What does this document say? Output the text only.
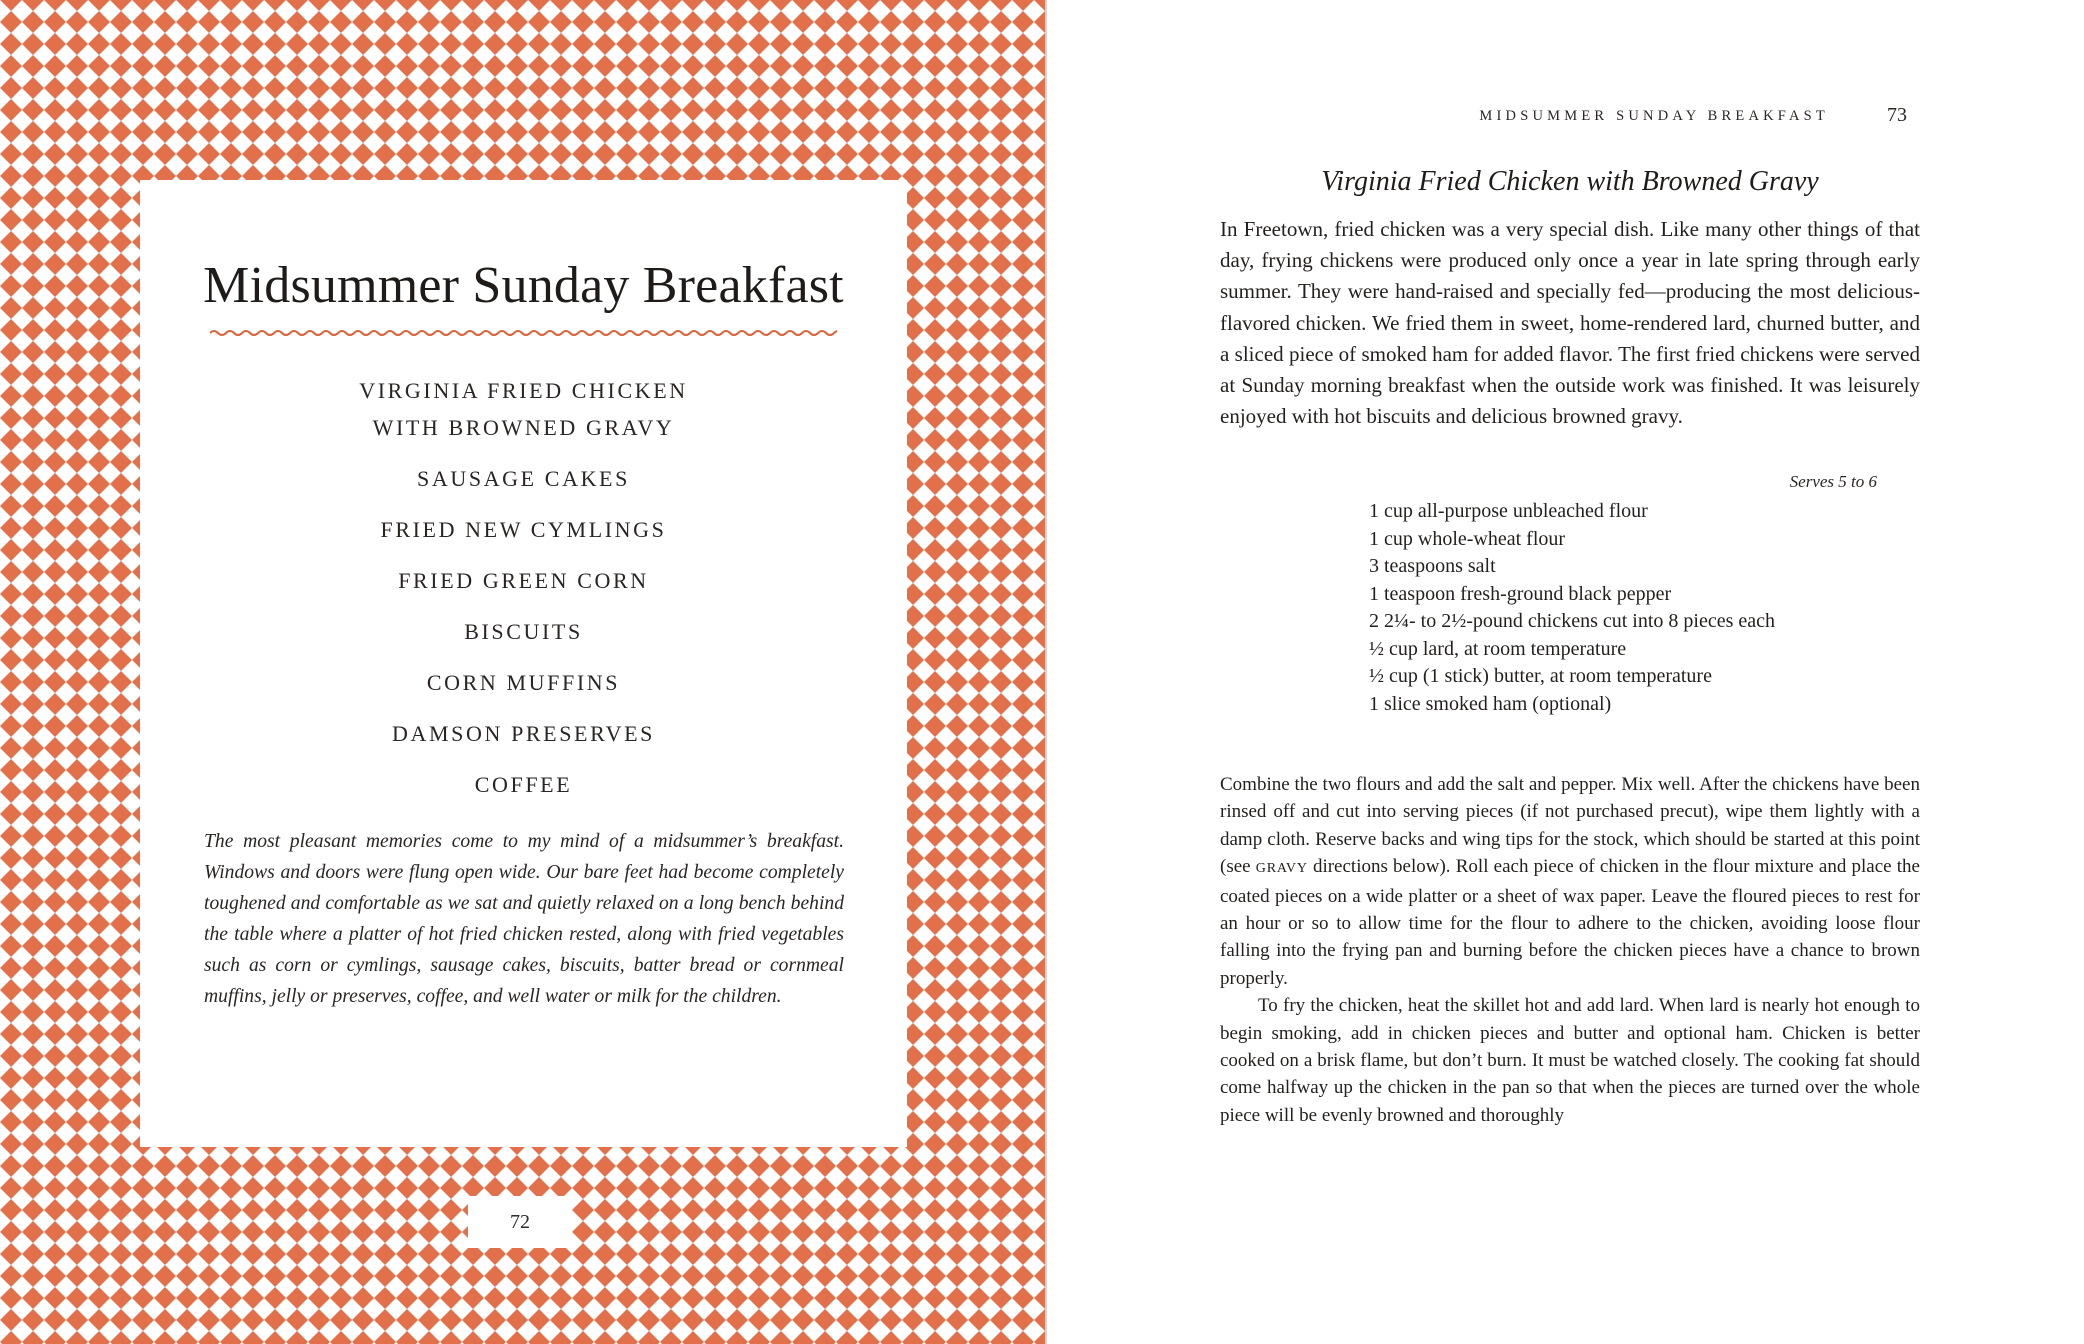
Midsummer Sunday Breakfast
VIRGINIA FRIED CHICKEN
WITH BROWNED GRAVY
SAUSAGE CAKES
FRIED NEW CYMLINGS
FRIED GREEN CORN
BISCUITS
CORN MUFFINS
DAMSON PRESERVES
COFFEE

The most pleasant memories come to my mind of a midsummer’s breakfast. Windows and doors were flung open wide. Our bare feet had become completely toughened and comfortable as we sat and quietly relaxed on a long bench behind the table where a platter of hot fried chicken rested, along with fried vegetables such as corn or cymlings, sausage cakes, biscuits, batter bread or cornmeal muffins, jelly or preserves, coffee, and well water or milk for the children.

72
MIDSUMMER SUNDAY BREAKFAST	73
Virginia Fried Chicken with Browned Gravy

In Freetown, fried chicken was a very special dish. Like many other things of that day, frying chickens were produced only once a year in late spring through early summer. They were hand-raised and specially fed—producing the most delicious-flavored chicken. We fried them in sweet, home-rendered lard, churned butter, and a sliced piece of smoked ham for added flavor. The first fried chickens were served at Sunday morning breakfast when the outside work was finished. It was leisurely enjoyed with hot biscuits and delicious browned gravy.

Serves 5 to 6
1 cup all-purpose unbleached flour
1 cup whole-wheat flour
3 teaspoons salt
1 teaspoon fresh-ground black pepper
2 2¼- to 2½-pound chickens cut into 8 pieces each
½ cup lard, at room temperature
½ cup (1 stick) butter, at room temperature
1 slice smoked ham (optional)

Combine the two flours and add the salt and pepper. Mix well. After the chickens have been rinsed off and cut into serving pieces (if not purchased precut), wipe them lightly with a damp cloth. Reserve backs and wing tips for the stock, which should be started at this point (see GRAVY directions below). Roll each piece of chicken in the flour mixture and place the coated pieces on a wide platter or a sheet of wax paper. Leave the floured pieces to rest for an hour or so to allow time for the flour to adhere to the chicken, avoiding loose flour falling into the frying pan and burning before the chicken pieces have a chance to brown properly.

To fry the chicken, heat the skillet hot and add lard. When lard is nearly hot enough to begin smoking, add in chicken pieces and butter and optional ham. Chicken is better cooked on a brisk flame, but don’t burn. It must be watched closely. The cooking fat should come halfway up the chicken in the pan so that when the pieces are turned over the whole piece will be evenly browned and thoroughly
